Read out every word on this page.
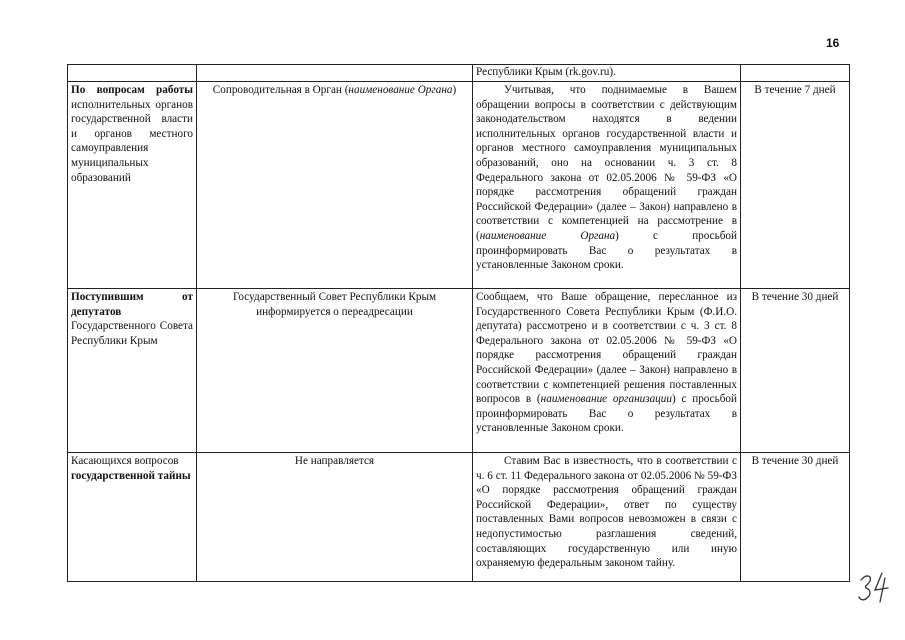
16
		Республики Крым (rk.gov.ru).	
По вопросам работы исполнительных органов государственной власти и органов местного самоуправления муниципальных образований	Сопроводительная в Орган (наименование Органа)	Учитывая, что поднимаемые в Вашем обращении вопросы в соответствии с действующим законодательством находятся в ведении исполнительных органов государственной власти и органов местного самоуправления муниципальных образований, оно на основании ч. 3 ст. 8 Федерального закона от 02.05.2006 № 59-ФЗ «О порядке рассмотрения обращений граждан Российской Федерации» (далее – Закон) направлено в соответствии с компетенцией на рассмотрение в (наименование Органа) с просьбой проинформировать Вас о результатах в установленные Законом сроки.	В течение 7 дней
Поступившим от депутатов Государственного Совета Республики Крым	Государственный Совет Республики Крым информируется о переадресации	Сообщаем, что Ваше обращение, пересланное из Государственного Совета Республики Крым (Ф.И.О. депутата) рассмотрено и в соответствии с ч. 3 ст. 8 Федерального закона от 02.05.2006 № 59-ФЗ «О порядке рассмотрения обращений граждан Российской Федерации» (далее – Закон) направлено в соответствии с компетенцией решения поставленных вопросов в (наименование организации) с просьбой проинформировать Вас о результатах в установленные Законом сроки.	В течение 30 дней
Касающихся вопросов государственной тайны	Не направляется	Ставим Вас в известность, что в соответствии с ч. 6 ст. 11 Федерального закона от 02.05.2006 № 59-ФЗ «О порядке рассмотрения обращений граждан Российской Федерации», ответ по существу поставленных Вами вопросов невозможен в связи с недопустимостью разглашения сведений, составляющих государственную или иную охраняемую федеральным законом тайну.	В течение 30 дней
